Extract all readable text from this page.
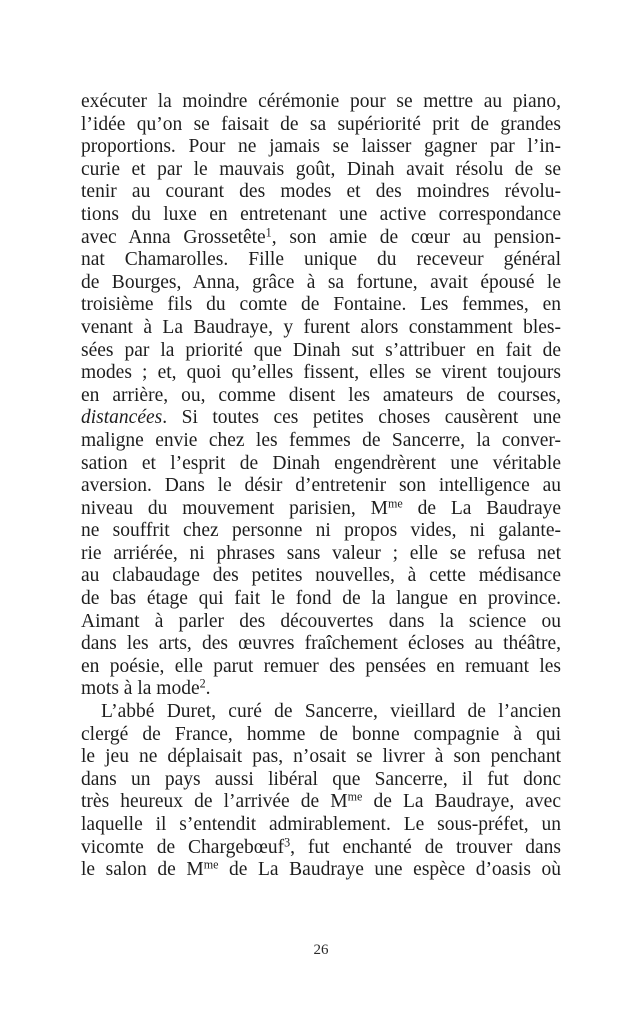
exécuter la moindre cérémonie pour se mettre au piano,
l’idée qu’on se faisait de sa supériorité prit de grandes
proportions. Pour ne jamais se laisser gagner par l’in-
curie et par le mauvais goût, Dinah avait résolu de se
tenir au courant des modes et des moindres révolu-
tions du luxe en entretenant une active correspondance
avec Anna Grossetête$^1$, son amie de cœur au pension-
nat Chamarolles. Fille unique du receveur général
de Bourges, Anna, grâce à sa fortune, avait épousé le
troisième fils du comte de Fontaine. Les femmes, en
venant à La Baudraye, y furent alors constamment bles-
sées par la priorité que Dinah sut s’attribuer en fait de
modes ; et, quoi qu’elles fissent, elles se virent toujours
en arrière, ou, comme disent les amateurs de courses,
distancées. Si toutes ces petites choses causèrent une
maligne envie chez les femmes de Sancerre, la conver-
sation et l’esprit de Dinah engendrèrent une véritable
aversion. Dans le désir d’entretenir son intelligence au
niveau du mouvement parisien, $M^{me}$ de La Baudraye
ne souffrit chez personne ni propos vides, ni galante-
rie arriérée, ni phrases sans valeur ; elle se refusa net
au clabaudage des petites nouvelles, à cette médisance
de bas étage qui fait le fond de la langue en province.
Aimant à parler des découvertes dans la science ou
dans les arts, des œuvres fraîchement écloses au théâtre,
en poésie, elle parut remuer des pensées en remuant les
mots à la mode$^2$.
L’abbé Duret, curé de Sancerre, vieillard de l’ancien
clergé de France, homme de bonne compagnie à qui
le jeu ne déplaisait pas, n’osait se livrer à son penchant
dans un pays aussi libéral que Sancerre, il fut donc
très heureux de l’arrivée de $M^{me}$ de La Baudraye, avec
laquelle il s’entendit admirablement. Le sous-préfet, un
vicomte de Chargebœuf$^3$, fut enchanté de trouver dans
le salon de $M^{me}$ de La Baudraye une espèce d’oasis où
26
